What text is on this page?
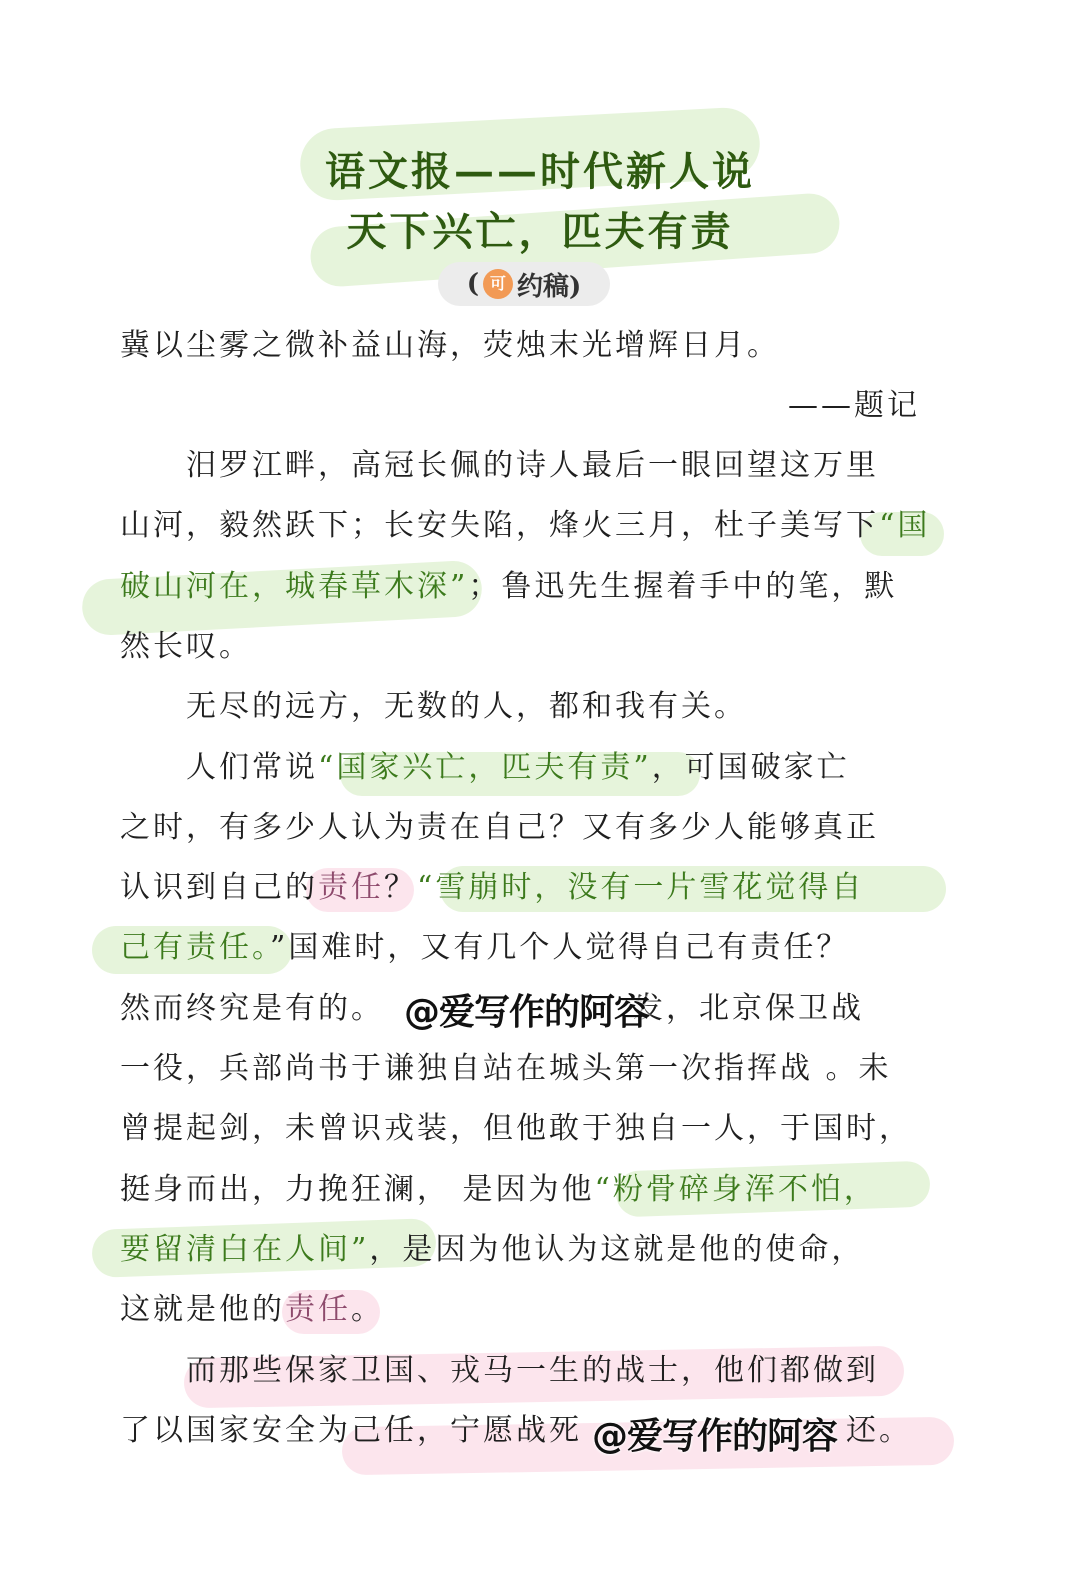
语文报——时代新人说
天下兴亡，匹夫有责
( 可 约稿)
冀以尘雾之微补益山海，荧烛末光增辉日月。
——题记
　　汨罗江畔，高冠长佩的诗人最后一眼回望这万里
山河，毅然跃下；长安失陷，烽火三月，杜子美写下“国
破山河在，城春草木深”；鲁迅先生握着手中的笔，默
然长叹。
　　无尽的远方，无数的人，都和我有关。
　　人们常说“国家兴亡，匹夫有责”，可国破家亡
之时，有多少人认为责在自己？又有多少人能够真正
认识到自己的责任？“雪崩时，没有一片雪花觉得自
己有责任。”国难时，又有几个人觉得自己有责任？
然而终究是有的。　　　　　　　　	发，北京保卫战
一役，兵部尚书于谦独自站在城头第一次指挥战 。未
曾提起剑，未曾识戎装，但他敢于独自一人，于国时，
挺身而出，力挽狂澜， 是因为他“粉骨碎身浑不怕，
要留清白在人间”，是因为他认为这就是他的使命，
这就是他的责任。
　　而那些保家卫国、戎马一生的战士，他们都做到
了以国家安全为己任，宁愿战死　　　　　　　　	还。
@爱写作的阿容
@爱写作的阿容
